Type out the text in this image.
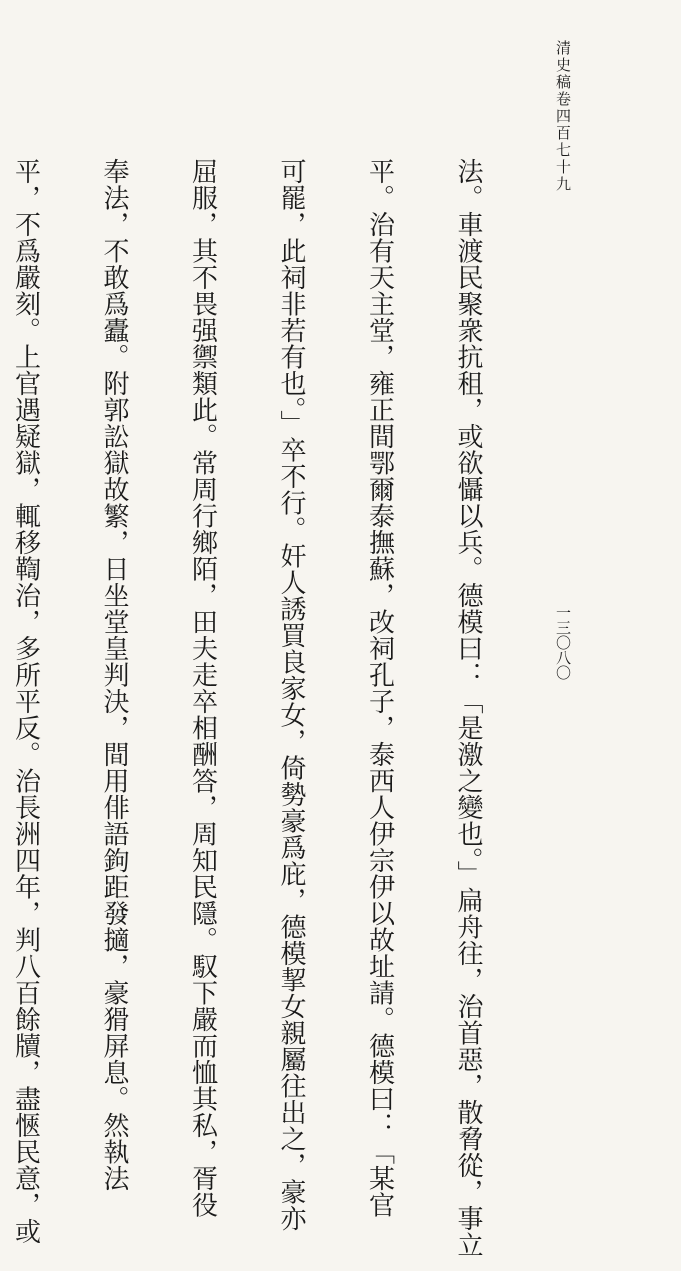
清史稿卷四百七十九
一三〇八〇

法。車渡民聚衆抗租，或欲懾以兵。德模曰：「是激之變也。」扁舟往，治首惡，散脅從，事立

平。治有天主堂，雍正間鄂爾泰撫蘇，改祠孔子，泰西人伊宗伊以故址請。德模曰：「某官

可罷，此祠非若有也。」卒不行。奸人誘買良家女，倚勢豪爲庇，德模挈女親屬往出之，豪亦

屈服，其不畏强禦類此。常周行鄉陌，田夫走卒相酬答，周知民隱。馭下嚴而恤其私，胥役

奉法，不敢爲蠹。附郭訟獄故繁，日坐堂皇判決，間用俳語鉤距發擿，豪猾屏息。然執法

平，不爲嚴刻。上官遇疑獄，輒移鞫治，多所平反。治長洲四年，判八百餘牘，盡愜民意，或
